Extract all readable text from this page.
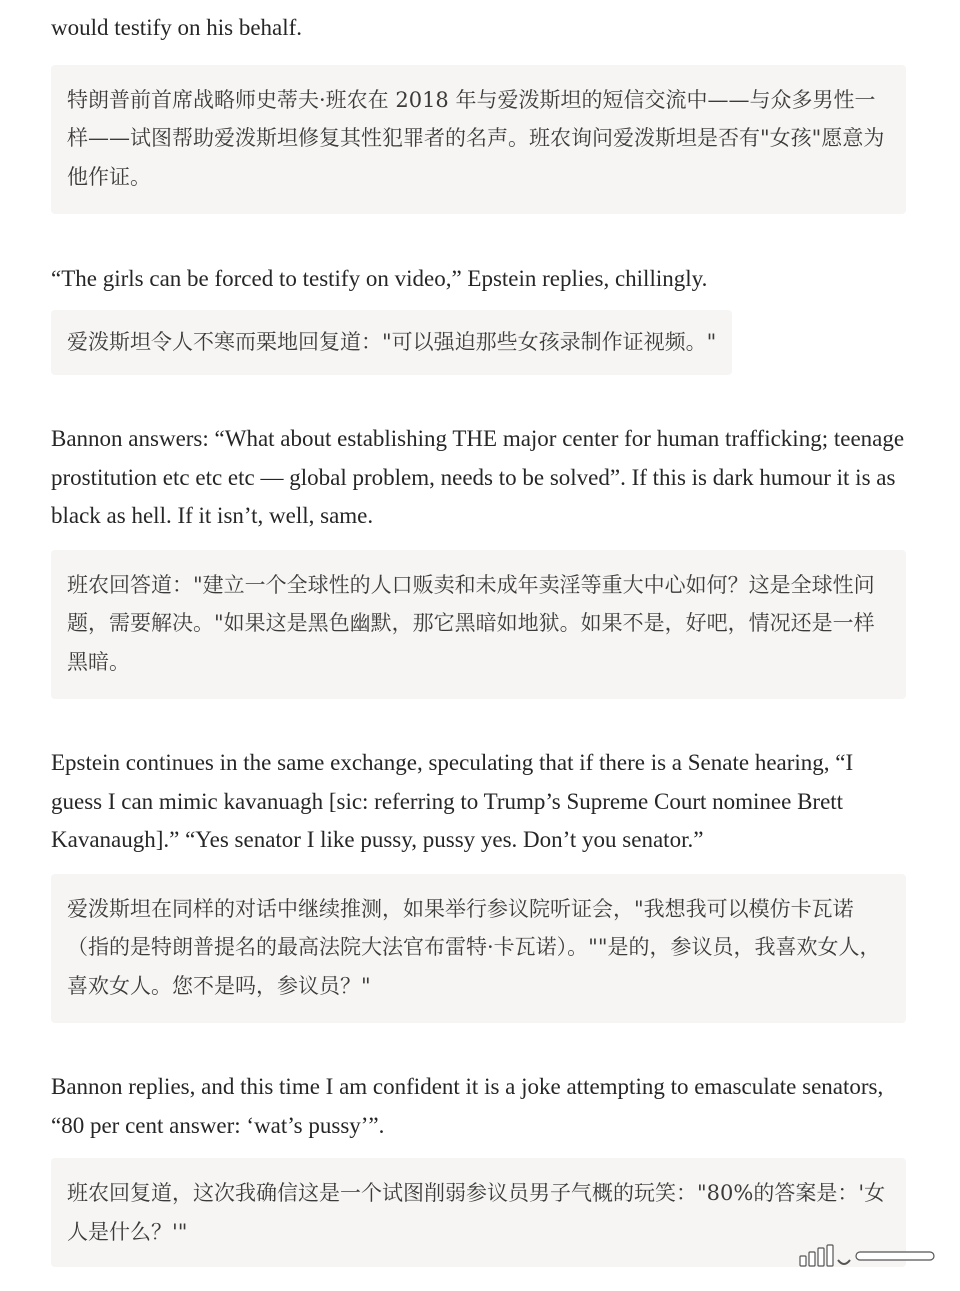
would testify on his behalf.

特朗普前首席战略师史蒂夫·班农在 2018 年与爱泼斯坦的短信交流中——与众多男性一样——试图帮助爱泼斯坦修复其性犯罪者的名声。班农询问爱泼斯坦是否有"女孩"愿意为他作证。

“The girls can be forced to testify on video,” Epstein replies, chillingly.

爱泼斯坦令人不寒而栗地回复道："可以强迫那些女孩录制作证视频。"

Bannon answers: “What about establishing THE major center for human trafficking; teenage prostitution etc etc etc — global problem, needs to be solved”. If this is dark humour it is as black as hell. If it isn’t, well, same.

班农回答道："建立一个全球性的人口贩卖和未成年卖淫等重大中心如何？这是全球性问题，需要解决。"如果这是黑色幽默，那它黑暗如地狱。如果不是，好吧，情况还是一样黑暗。

Epstein continues in the same exchange, speculating that if there is a Senate hearing, “I guess I can mimic kavanuagh [sic: referring to Trump’s Supreme Court nominee Brett Kavanaugh].” “Yes senator I like pussy, pussy yes. Don’t you senator.”

爱泼斯坦在同样的对话中继续推测，如果举行参议院听证会，"我想我可以模仿卡瓦诺（指的是特朗普提名的最高法院大法官布雷特·卡瓦诺）。""是的，参议员，我喜欢女人，喜欢女人。您不是吗，参议员？"

Bannon replies, and this time I am confident it is a joke attempting to emasculate senators, “80 per cent answer: ‘wat’s pussy’”.

班农回复道，这次我确信这是一个试图削弱参议员男子气概的玩笑："80%的答案是：'女人是什么？'"
